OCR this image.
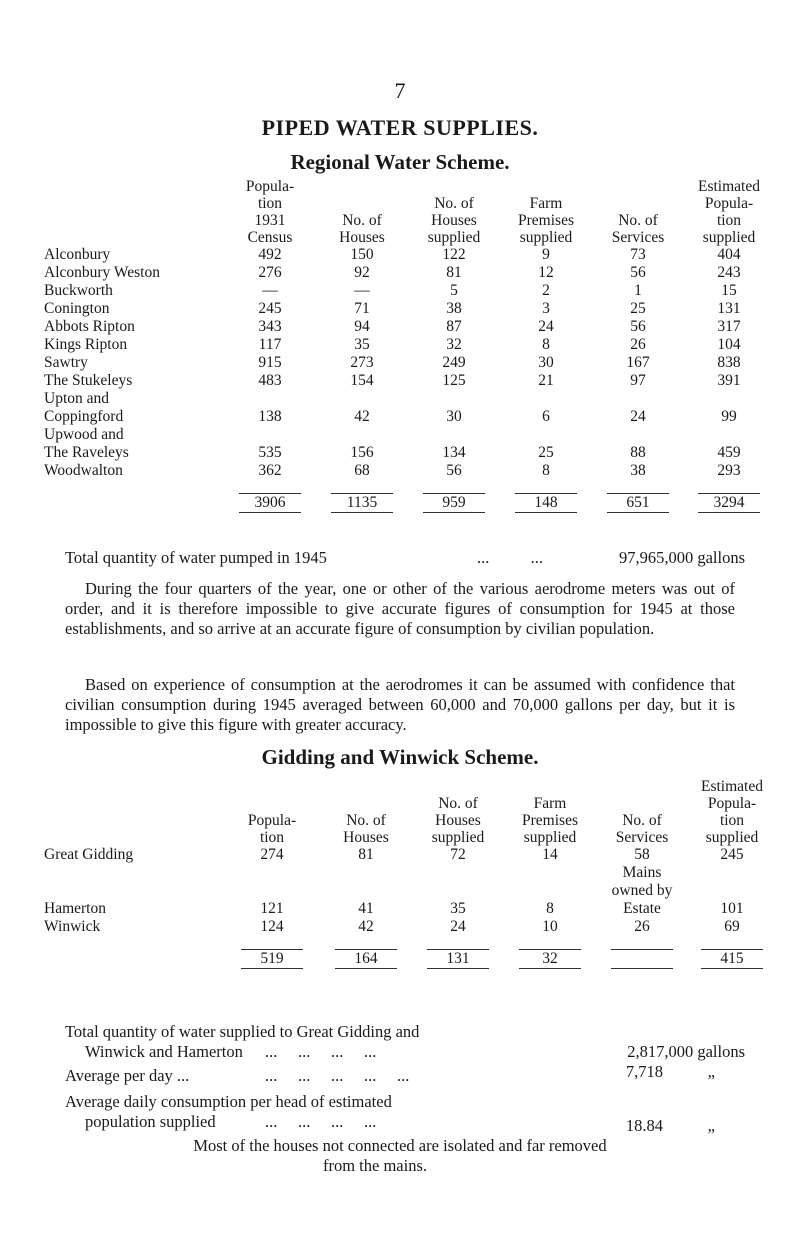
7
PIPED WATER SUPPLIES.
Regional Water Scheme.
	Popula-
tion
1931
Census	No. of
Houses	No. of
Houses
supplied	Farm
Premises
supplied	No. of
Services	Estimated
Popula-
tion
supplied
Alconbury	492	150	122	9	73	404
Alconbury Weston	276	92	81	12	56	243
Buckworth	—	—	5	2	1	15
Conington	245	71	38	3	25	131
Abbots Ripton	343	94	87	24	56	317
Kings Ripton	117	35	32	8	26	104
Sawtry	915	273	249	30	167	838
The Stukeleys	483	154	125	21	97	391
Upton and
Coppingford	138	42	30	6	24	99
Upwood and
The Raveleys	535	156	134	25	88	459
Woodwalton	362	68	56	8	38	293

	3906	1135	959	148	651	3294

Total quantity of water pumped in 1945	...          ...	97,965,000 gallons
During the four quarters of the year, one or other of the various aerodrome meters was out of order, and it is therefore impossible to give accurate figures of consumption for 1945 at those establishments, and so arrive at an accurate figure of consumption by civilian population.
Based on experience of consumption at the aerodromes it can be assumed with confidence that civilian consumption during 1945 averaged between 60,000 and 70,000 gallons per day, but it is impossible to give this figure with greater accuracy.
Gidding and Winwick Scheme.
	Popula-
tion	No. of
Houses	No. of
Houses
supplied	Farm
Premises
supplied	No. of
Services	Estimated
Popula-
tion
supplied
Great Gidding	274	81	72	14	58	245
Hamerton	121	41	35	8	Mains
owned by
Estate	101
Winwick	124	42	24	10	26	69

	519	164	131	32		415

Total quantity of water supplied to Great Gidding and
Winwick and Hamerton	...     ...     ...     ...	2,817,000 gallons
Average per day ...	...     ...     ...     ...     ...	7,718	„
Average daily consumption per head of estimated
population supplied	...     ...     ...     ...	18.84	„
Most of the houses not connected are isolated and far removed
from the mains.
